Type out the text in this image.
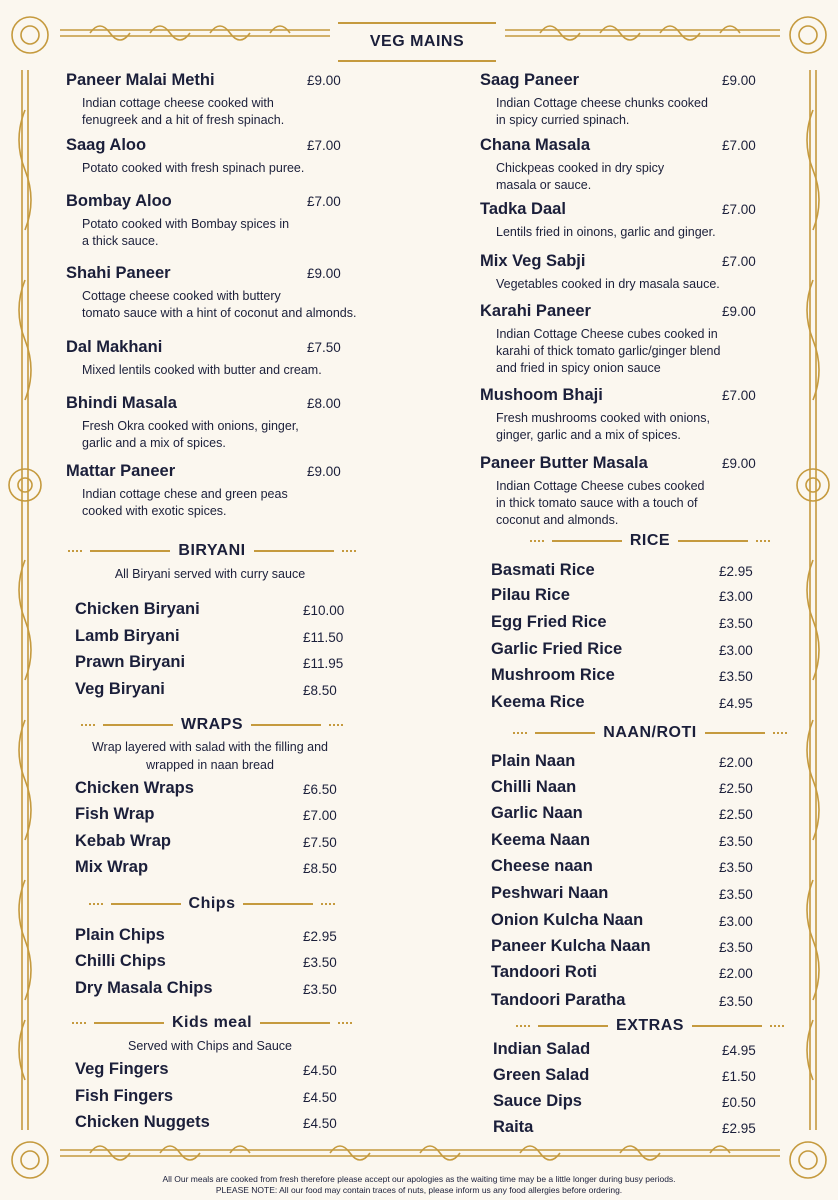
VEG MAINS
Paneer Malai Methi	£9.00
Indian cottage cheese cooked with
fenugreek and a hit of fresh spinach.
Saag Aloo	£7.00
Potato cooked with fresh spinach puree.
Bombay Aloo	£7.00
Potato cooked with Bombay spices in
a thick sauce.
Shahi Paneer	£9.00
Cottage cheese cooked with buttery
tomato sauce with a hint of coconut and almonds.
Dal Makhani	£7.50
Mixed lentils cooked with butter and cream.
Bhindi Masala	£8.00
Fresh Okra cooked with onions, ginger,
garlic and a mix of spices.
Mattar Paneer	£9.00
Indian cottage chese and green peas
cooked with exotic spices.
Saag Paneer	£9.00
Indian Cottage cheese chunks cooked
in spicy curried spinach.
Chana Masala	£7.00
Chickpeas cooked in dry spicy
masala or sauce.
Tadka Daal	£7.00
Lentils fried in oinons, garlic and ginger.
Mix Veg Sabji	£7.00
Vegetables cooked in dry masala sauce.
Karahi Paneer	£9.00
Indian Cottage Cheese cubes cooked in
karahi of thick tomato garlic/ginger blend
and fried in spicy onion sauce
Mushoom Bhaji	£7.00
Fresh mushrooms cooked with onions,
ginger, garlic and a mix of spices.
Paneer Butter Masala	£9.00
Indian Cottage Cheese cubes cooked
in thick tomato sauce with a touch of
coconut and almonds.
BIRYANI
All Biryani served with curry sauce
Chicken Biryani	£10.00
Lamb Biryani	£11.50
Prawn Biryani	£11.95
Veg Biryani	£8.50
WRAPS
Wrap layered with salad with the filling and
wrapped in naan bread
Chicken Wraps	£6.50
Fish Wrap	£7.00
Kebab Wrap	£7.50
Mix Wrap	£8.50
Chips
Plain Chips	£2.95
Chilli Chips	£3.50
Dry Masala Chips	£3.50
Kids meal
Served with Chips and Sauce
Veg Fingers	£4.50
Fish Fingers	£4.50
Chicken Nuggets	£4.50
RICE
Basmati Rice	£2.95
Pilau Rice	£3.00
Egg Fried Rice	£3.50
Garlic Fried Rice	£3.00
Mushroom Rice	£3.50
Keema Rice	£4.95
NAAN/ROTI
Plain Naan	£2.00
Chilli Naan	£2.50
Garlic Naan	£2.50
Keema Naan	£3.50
Cheese naan	£3.50
Peshwari Naan	£3.50
Onion Kulcha Naan	£3.00
Paneer Kulcha Naan	£3.50
Tandoori Roti	£2.00
Tandoori Paratha	£3.50
EXTRAS
Indian Salad	£4.95
Green Salad	£1.50
Sauce Dips	£0.50
Raita	£2.95
All Our meals are cooked from fresh therefore please accept our apologies as the waiting time may be a little longer during busy periods.
PLEASE NOTE: All our food may contain traces of nuts, please inform us any food allergies before ordering.
